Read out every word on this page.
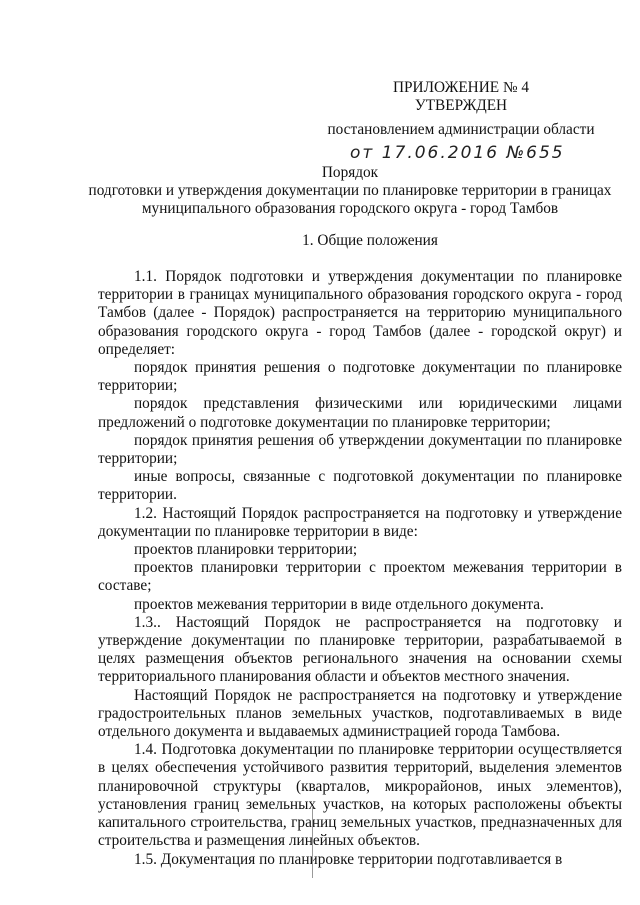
ПРИЛОЖЕНИЕ № 4
УТВЕРЖДЕН
постановлением администрации области
от 17.06.2016 №655
Порядок
подготовки и утверждения документации по планировке территории в границах
муниципального образования городского округа - город Тамбов
1. Общие положения

1.1. Порядок подготовки и утверждения документации по планировке территории в границах муниципального образования городского округа - город Тамбов (далее - Порядок) распространяется на территорию муниципального образования городского округа - город Тамбов (далее - городской округ) и определяет:

порядок принятия решения о подготовке документации по планировке территории;

порядок представления физическими или юридическими лицами предложений о подготовке документации по планировке территории;

порядок принятия решения об утверждении документации по планировке территории;

иные вопросы, связанные с подготовкой документации по планировке территории.

1.2. Настоящий Порядок распространяется на подготовку и утверждение документации по планировке территории в виде:

проектов планировки территории;

проектов планировки территории с проектом межевания территории в составе;

проектов межевания территории в виде отдельного документа.

1.3.. Настоящий Порядок не распространяется на подготовку и утверждение документации по планировке территории, разрабатываемой в целях размещения объектов регионального значения на основании схемы территориального планирования области и объектов местного значения.

Настоящий Порядок не распространяется на подготовку и утверждение градостроительных планов земельных участков, подготавливаемых в виде отдельного документа и выдаваемых администрацией города Тамбова.

1.4. Подготовка документации по планировке территории осуществляется в целях обеспечения устойчивого развития территорий, выделения элементов планировочной структуры (кварталов, микрорайонов, иных элементов), установления границ земельных участков, на которых расположены объекты капитального строительства, границ земельных участков, предназначенных для строительства и размещения линейных объектов.

1.5. Документация по планировке территории подготавливается в
